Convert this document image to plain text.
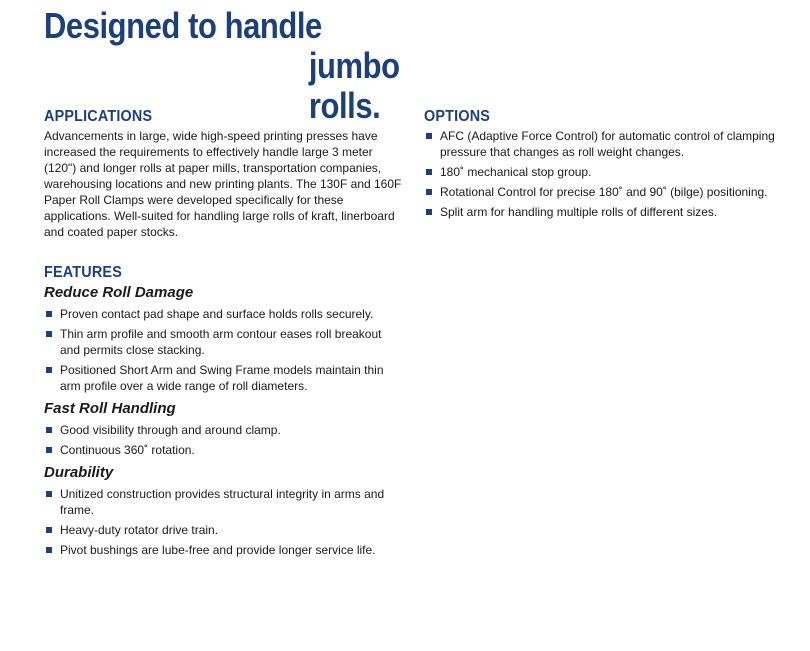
Designed to handle
jumbo rolls.
APPLICATIONS

Advancements in large, wide high-speed printing presses have increased the requirements to effectively handle large 3 meter (120") and longer rolls at paper mills, transportation companies, warehousing locations and new printing plants. The 130F and 160F Paper Roll Clamps were developed specifically for these applications. Well-suited for handling large rolls of kraft, linerboard and coated paper stocks.

FEATURES
Reduce Roll Damage
Proven contact pad shape and surface holds rolls securely.
Thin arm profile and smooth arm contour eases roll breakout and permits close stacking.
Positioned Short Arm and Swing Frame models maintain thin arm profile over a wide range of roll diameters.
Fast Roll Handling
Good visibility through and around clamp.
Continuous 360˚ rotation.
Durability
Unitized construction provides structural integrity in arms and frame.
Heavy-duty rotator drive train.
Pivot bushings are lube-free and provide longer service life.
OPTIONS
AFC (Adaptive Force Control) for automatic control of clamping pressure that changes as roll weight changes.
180˚ mechanical stop group.
Rotational Control for precise 180˚ and 90˚ (bilge) positioning.
Split arm for handling multiple rolls of different sizes.
